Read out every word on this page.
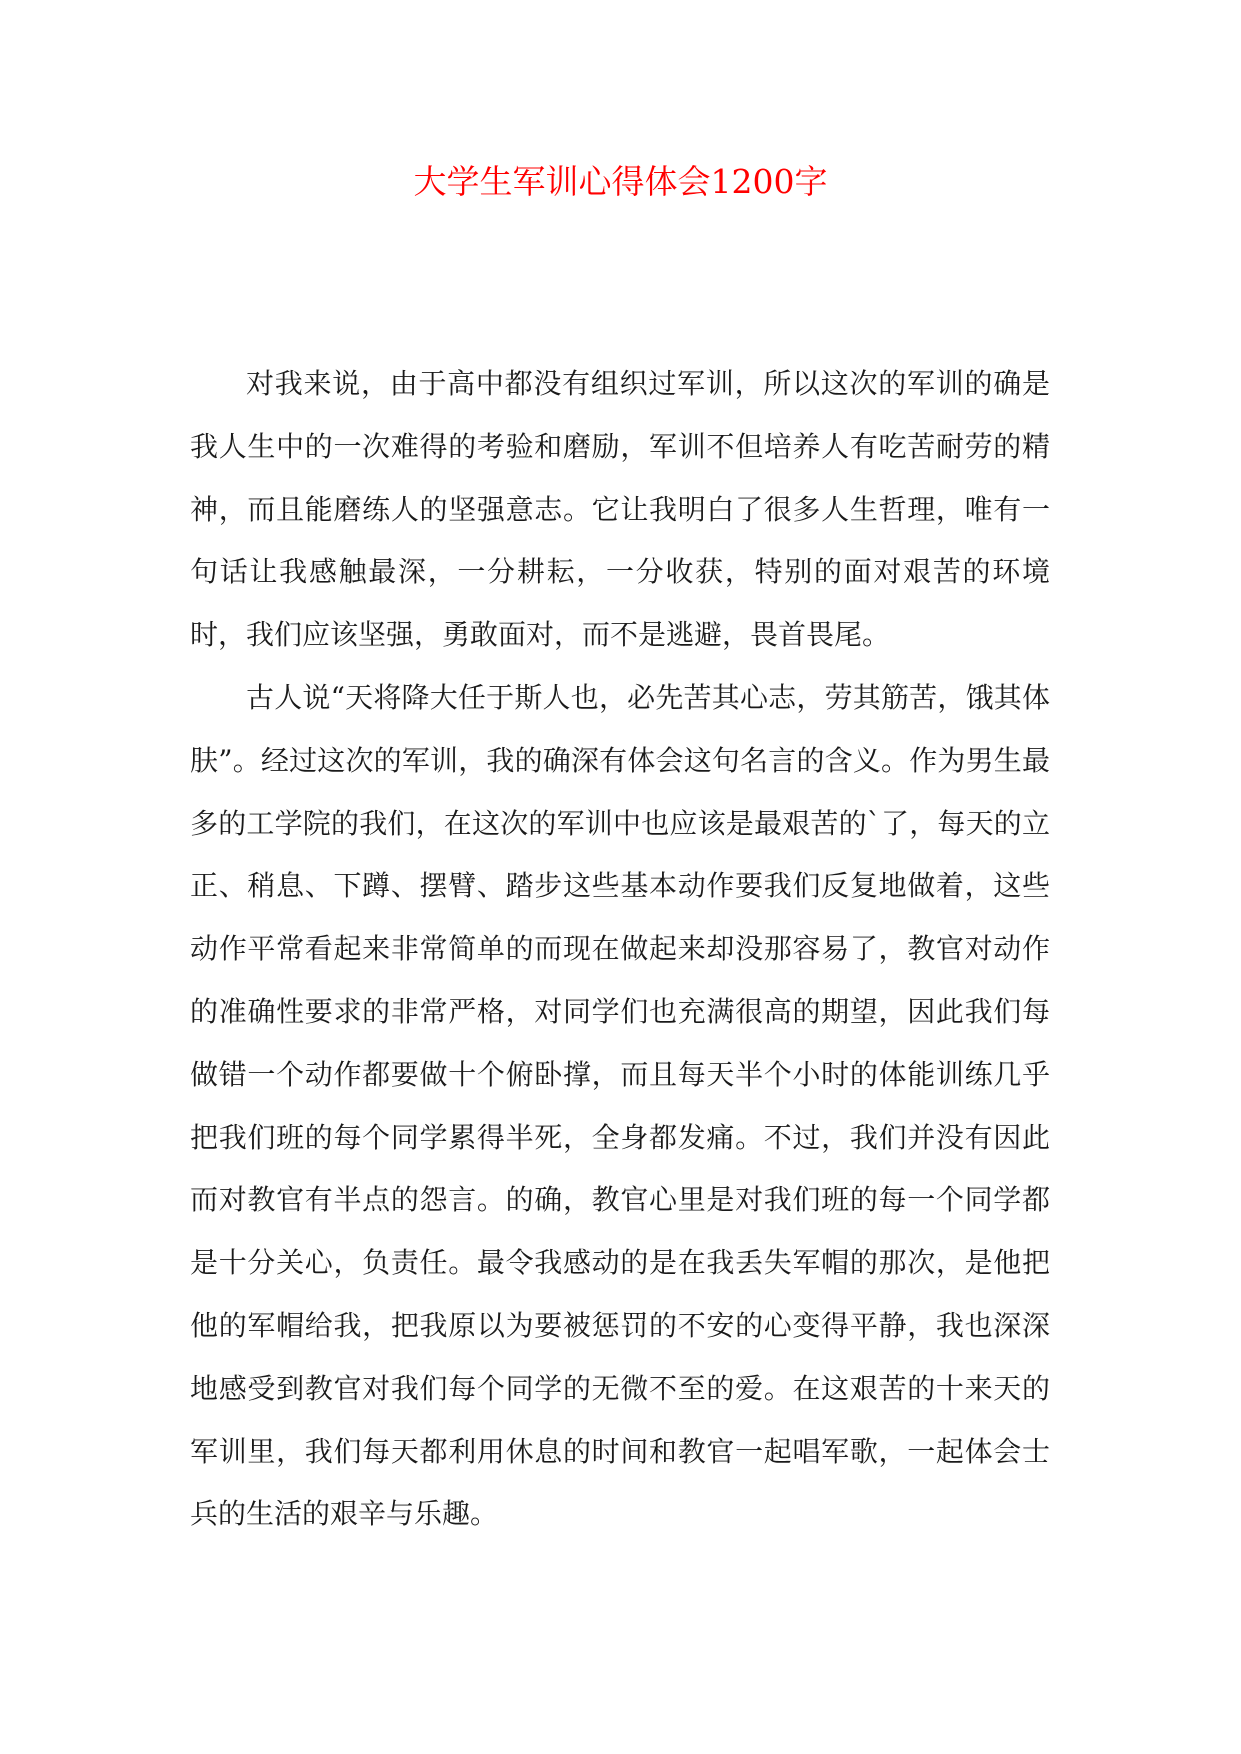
大学生军训心得体会1200字

对我来说，由于高中都没有组织过军训，所以这次的军训的确是我人生中的一次难得的考验和磨励，军训不但培养人有吃苦耐劳的精神，而且能磨练人的坚强意志。它让我明白了很多人生哲理，唯有一句话让我感触最深，一分耕耘，一分收获，特别的面对艰苦的环境时，我们应该坚强，勇敢面对，而不是逃避，畏首畏尾。

古人说“天将降大任于斯人也，必先苦其心志，劳其筋苦，饿其体肤”。经过这次的军训，我的确深有体会这句名言的含义。作为男生最多的工学院的我们，在这次的军训中也应该是最艰苦的`了，每天的立正、稍息、下蹲、摆臂、踏步这些基本动作要我们反复地做着，这些动作平常看起来非常简单的而现在做起来却没那容易了，教官对动作的准确性要求的非常严格，对同学们也充满很高的期望，因此我们每做错一个动作都要做十个俯卧撑，而且每天半个小时的体能训练几乎把我们班的每个同学累得半死，全身都发痛。不过，我们并没有因此而对教官有半点的怨言。的确，教官心里是对我们班的每一个同学都是十分关心，负责任。最令我感动的是在我丢失军帽的那次，是他把他的军帽给我，把我原以为要被惩罚的不安的心变得平静，我也深深地感受到教官对我们每个同学的无微不至的爱。在这艰苦的十来天的军训里，我们每天都利用休息的时间和教官一起唱军歌，一起体会士兵的生活的艰辛与乐趣。
